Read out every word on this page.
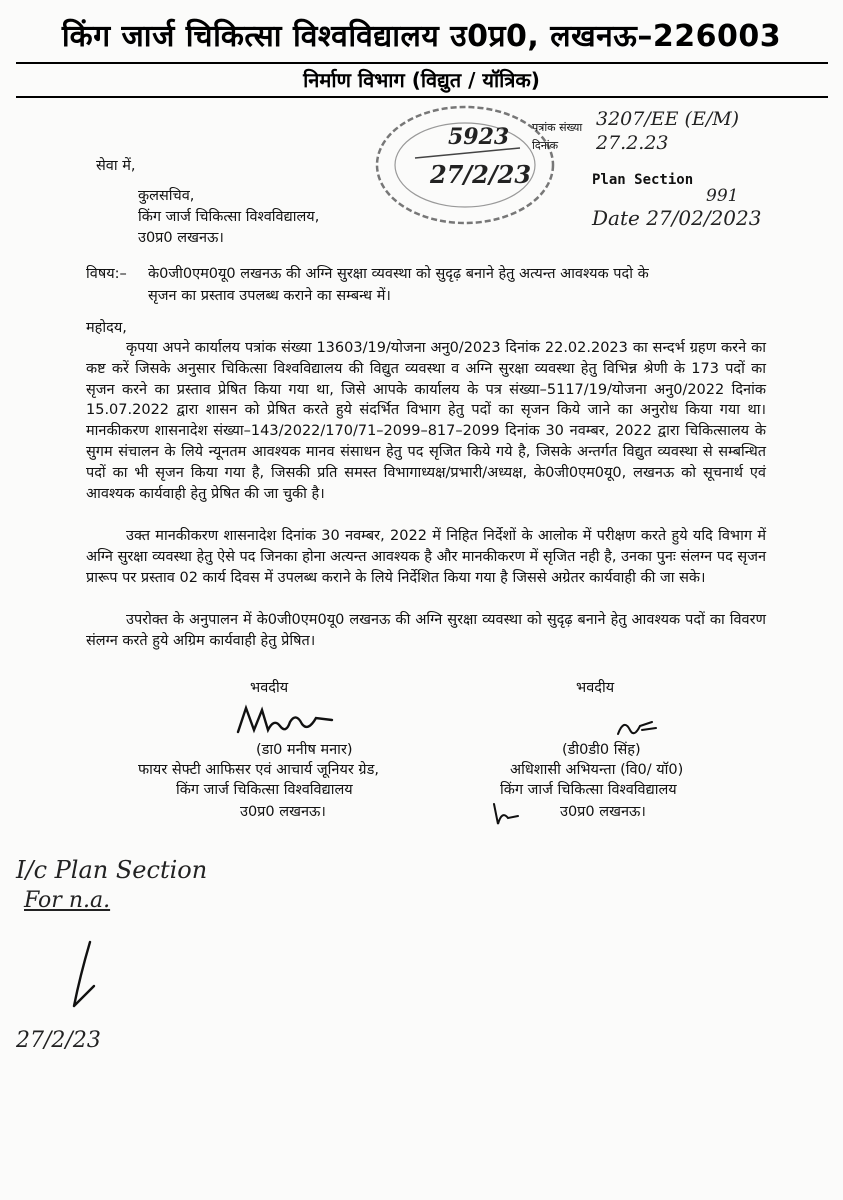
किंग जार्ज चिकित्सा विश्वविद्यालय उ0प्र0, लखनऊ–226003
निर्माण विभाग (विद्युत / यॉत्रिक)
5923
27/2/23
पत्रांक संख्या 3207/EE (E/M)
दिनांक 27.2.23
Plan Section
991
Date 27/02/2023
सेवा में,
कुलसचिव,
किंग जार्ज चिकित्सा विश्वविद्यालय,
उ0प्र0 लखनऊ।
विषय:– के0जी0एम0यू0 लखनऊ की अग्नि सुरक्षा व्यवस्था को सुदृढ़ बनाने हेतु अत्यन्त आवश्यक पदो के
सृजन का प्रस्ताव उपलब्ध कराने का सम्बन्ध में।
महोदय,
कृपया अपने कार्यालय पत्रांक संख्या 13603/19/योजना अनु0/2023 दिनांक 22.02.2023 का सन्दर्भ ग्रहण करने का कष्ट करें जिसके अनुसार चिकित्सा विश्वविद्यालय की विद्युत व्यवस्था व अग्नि सुरक्षा व्यवस्था हेतु विभिन्न श्रेणी के 173 पदों का सृजन करने का प्रस्ताव प्रेषित किया गया था, जिसे आपके कार्यालय के पत्र संख्या–5117/19/योजना अनु0/2022 दिनांक 15.07.2022 द्वारा शासन को प्रेषित करते हुये संदर्भित विभाग हेतु पदों का सृजन किये जाने का अनुरोध किया गया था। मानकीकरण शासनादेश संख्या–143/2022/170/71–2099–817–2099 दिनांक 30 नवम्बर, 2022 द्वारा चिकित्सालय के सुगम संचालन के लिये न्यूनतम आवश्यक मानव संसाधन हेतु पद सृजित किये गये है, जिसके अन्तर्गत विद्युत व्यवस्था से सम्बन्धित पदों का भी सृजन किया गया है, जिसकी प्रति समस्त विभागाध्यक्ष/प्रभारी/अध्यक्ष, के0जी0एम0यू0, लखनऊ को सूचनार्थ एवं आवश्यक कार्यवाही हेतु प्रेषित की जा चुकी है।
उक्त मानकीकरण शासनादेश दिनांक 30 नवम्बर, 2022 में निहित निर्देशों के आलोक में परीक्षण करते हुये यदि विभाग में अग्नि सुरक्षा व्यवस्था हेतु ऐसे पद जिनका होना अत्यन्त आवश्यक है और मानकीकरण में सृजित नही है, उनका पुनः संलग्न पद सृजन प्रारूप पर प्रस्ताव 02 कार्य दिवस में उपलब्ध कराने के लिये निर्देशित किया गया है जिससे अग्रेतर कार्यवाही की जा सके।
उपरोक्त के अनुपालन में के0जी0एम0यू0 लखनऊ की अग्नि सुरक्षा व्यवस्था को सुदृढ़ बनाने हेतु आवश्यक पदों का विवरण संलग्न करते हुये अग्रिम कार्यवाही हेतु प्रेषित।
भवदीय
(डा0 मनीष मनार)
फायर सेफ्टी आफिसर एवं आचार्य जूनियर ग्रेड,
किंग जार्ज चिकित्सा विश्वविद्यालय
उ0प्र0 लखनऊ।
भवदीय
(डी0डी0 सिंह)
अधिशासी अभियन्ता (वि0/ यॉ0)
किंग जार्ज चिकित्सा विश्वविद्यालय
उ0प्र0 लखनऊ।
I/c Plan Section
For n.a.
27/2/23
